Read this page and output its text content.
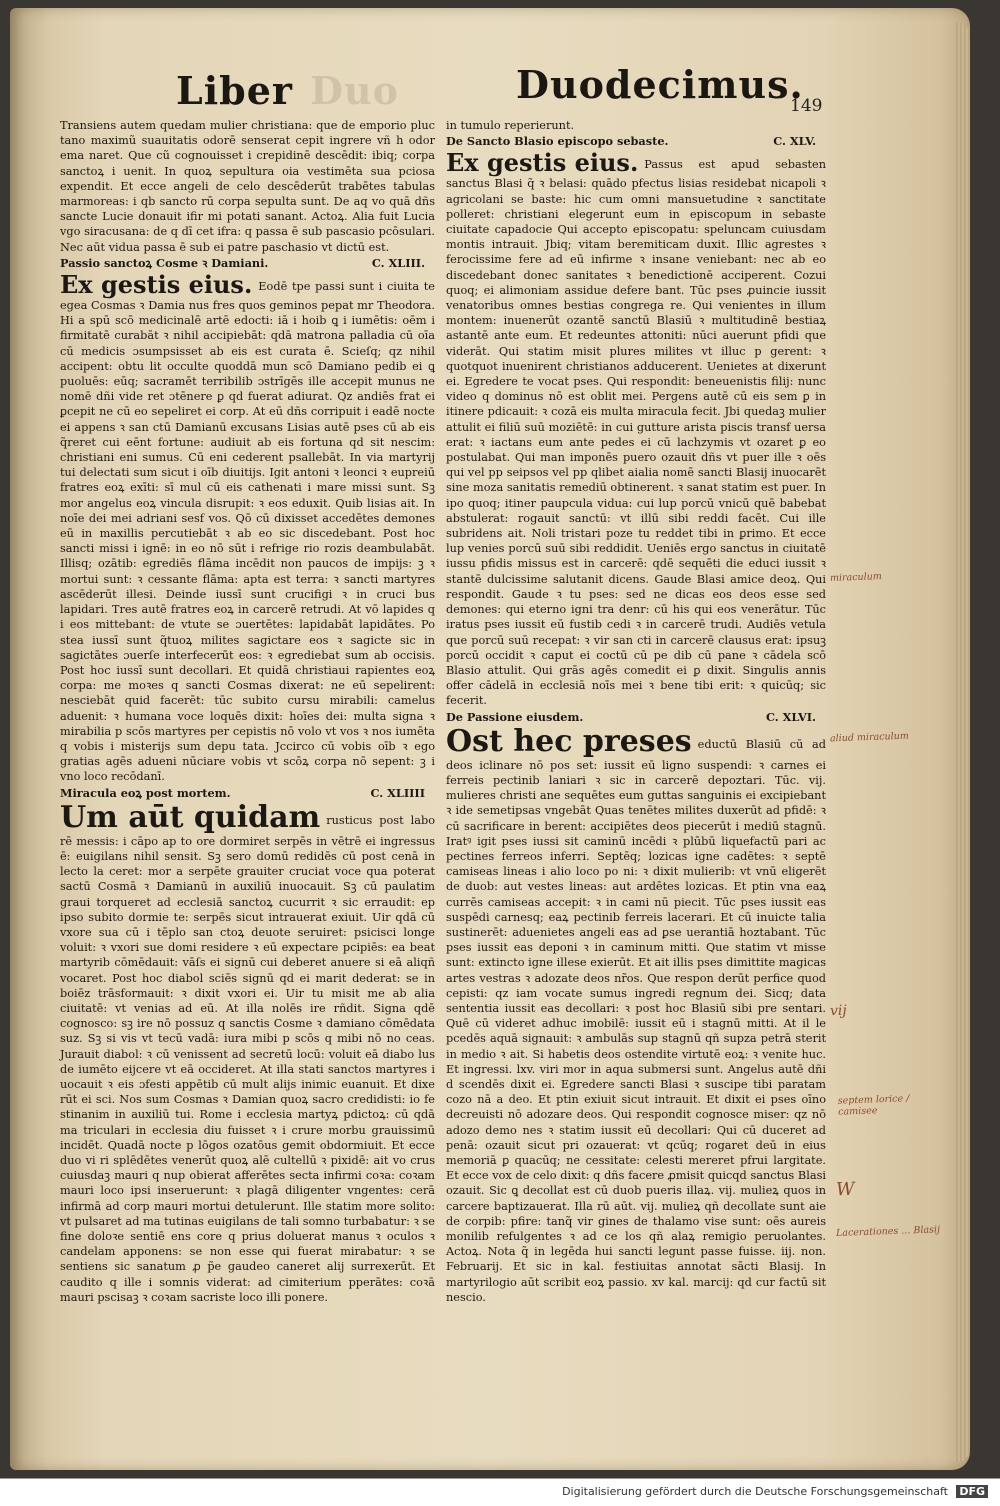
Liber Duo	Duodecimus.
149

Transiens autem quedam mulier christiana: que de emporio pluc tano maximũ suauitatis odorē senserat cepit ingrere vñ h odor ema naret. Que cũ cognouisset i crepidinē descēdit: ibiq; corpa sanctoꝝ i uenit. In quoꝝ sepultura oia vestimēta sua pciosa expendit. Et ecce angeli de celo descēderūt trabētes tabulas marmoreas: i qb sancto rū corpa sepulta sunt. De aq vo quā dñs sancte Lucie donauit ifir mi potati sanant. Actoꝝ. Alia fuit Lucia vgo siracusana: de q dī cet ifra: q passa ē sub pascasio pcōsulari. Nec aūt vidua passa ē sub ei patre paschasio vt dictū est.

Passio sanctoꝝ Cosme ꝛ Damiani.	C. XLIII.

Ex gestis eius. Eodē tpe passi sunt i ciuita te egea Cosmas ꝛ Damia nus fres quos geminos pepat mr Theodora. Hi a spū scō medicinalē artē edocti: iā i hoib ꝗ i iumētis: oēm i firmitatē curabāt ꝛ nihil accipiebāt: qdā matrona palladia cū oīa cū medicis ɔsumpsisset ab eis est curata ē. Scieſq; qz nihil accipent: obtu lit occulte quoddā mun scō Damiano pedib ei ꝗ puoluēs: eūq; sacramēt terribilib ɔstrīgēs ille accepit munus ne nomē dñi vide ret ɔtēnere ꝑ qd fuerat adiurat. Qz andiēs frat ei ꝑcepit ne cū eo sepeliret ei corp. At eū dñs corripuit i eadē nocte ei appens ꝛ san ctū Damianū excusans Lisias autē pses cū ab eis q̃reret cui eēnt fortune: audiuit ab eis fortuna qd sit nescim: christiani eni sumus. Cū eni cederent psallebāt. In via martyrij tui delectati sum sicut i oīb diuitijs. Igit antoni ꝛ leonci ꝛ eupreiū fratres eoꝝ exīti: sī mul cū eis cathenati i mare missi sunt. Sꝫ mor angelus eoꝝ vincula disrupit: ꝛ eos eduxit. Quib lisias ait. In noīe dei mei adriani sesf vos. Qō cū dixisset accedētes demones eū in maxillis percutiebāt ꝛ ab eo sic discedebant. Post hoc sancti missi i ignē: in eo nō sūt i refrige rio rozis deambulabāt. Illisq; ozātib: egrediēs flāma incēdit non paucos de impijs: ꝫ ꝛ mortui sunt: ꝛ cessante flāma: apta est terra: ꝛ sancti martyres ascēderūt illesi. Deinde iussī sunt crucifigi ꝛ in cruci bus lapidari. Tres autē fratres eoꝝ in carcerē retrudi. At vō lapides q i eos mittebant: de vtute se ɔuertētes: lapidabāt lapidātes. Po stea iussī sunt q̃tuoꝝ milites sagictare eos ꝛ sagicte sic in sagictātes ɔuerſe interfecerūt eos: ꝛ egrediebat sum ab occisis. Post hoc iussī sunt decollari. Et quidā christiaui rapientes eoꝝ corpa: me moꝛes q sancti Cosmas dixerat: ne eū sepelirent: nesciebāt quid facerēt: tūc subito cursu mirabili: camelus aduenit: ꝛ humana voce loquēs dixit: hoīes dei: multa signa ꝛ mirabilia p scōs martyres per cepistis nō volo vt vos ꝛ nos iumēta q vobis i misterijs sum depu tata. Jccirco cū vobis oīb ꝛ ego gratias agēs adueni nūciare vobis vt scōꝝ corpa nō sepent: ꝫ i vno loco recōdanī.

Miracula eoꝝ post mortem.	C. XLIIII

Um aūt quidam rusticus post labo rē messis: i cāpo ap to ore dormiret serpēs in vētrē ei ingressus ē: euigilans nihil sensit. Sꝫ sero domū redidēs cū post cenā in lecto la ceret: mor a serpēte grauiter cruciat voce qua poterat sactū Cosmā ꝛ Damianū in auxiliū inuocauit. Sꝫ cū paulatim graui torqueret ad ecclesiā sanctoꝝ cucurrit ꝛ sic erraudit: ep ipso subito dormie te: serpēs sicut intrauerat exiuit. Uir qdā cū vxore sua cū i tēplo san ctoꝝ deuote seruiret: psicisci longe voluit: ꝛ vxori sue domi residere ꝛ eū expectare pcipiēs: ea beat martyrib cōmēdauit: vāſs ei signū cui deberet anuere si eā aliqñ vocaret. Post hoc diabol sciēs signū qd ei marit dederat: se in boiēz trāsformauit: ꝛ dixit vxori ei. Uir tu misit me ab alia ciuitatē: vt venias ad eū. At illa nolēs ire rñdit. Signa qdē cognosco: sꝫ ire nō possuz q sanctis Cosme ꝛ damiano cōmēdata suz. Sꝫ si vis vt tecū vadā: iura mibi p scōs q mibi nō no ceas. Jurauit diabol: ꝛ cū venissent ad secretū locū: voluit eā diabo lus de iumēto eijcere vt eā occideret. At illa stati sanctos martyres i uocauit ꝛ eis ɔfesti appētib cū mult alijs inimic euanuit. Et dixe rūt ei sci. Nos sum Cosmas ꝛ Damian quoꝝ sacro credidisti: io fe stinanim in auxiliū tui. Rome i ecclesia martyꝝ pdictoꝝ: cū qdā ma triculari in ecclesia diu fuisset ꝛ i crure morbu grauissimū incidēt. Quadā nocte p lōgos ozatōus gemit obdormiuit. Et ecce duo vi ri splēdētes venerūt quoꝝ alē cultellū ꝛ pixidē: ait vo crus cuiusdaꝫ mauri q nup obierat afferētes secta infirmi coꝛa: coꝛam mauri loco ipsi inseruerunt: ꝛ plagā diligenter vngentes: cerā infirmā ad corp mauri mortui detulerunt. Ille statim more solito: vt pulsaret ad ma tutinas euigilans de tali somno turbabatur: ꝛ se fine doloꝛe sentiē ens core q prius doluerat manus ꝛ oculos ꝛ candelam apponens: se non esse qui fuerat mirabatur: ꝛ se sentiens sic sanatum ꝓ p̃e gaudeo caneret alij surrexerūt. Et caudito q ille i somnis viderat: ad cimiterium pperātes: coꝛā mauri pscisaꝫ ꝛ coꝛam sacriste loco illi ponere.

in tumulo reperierunt.

De Sancto Blasio episcopo sebaste.	C. XLV.

Ex gestis eius. Passus est apud sebasten sanctus Blasi q̃ ꝛ belasi: quādo pfectus lisias residebat nicapoli ꝛ agricolani se baste: hic cum omni mansuetudine ꝛ sanctitate polleret: christiani elegerunt eum in episcopum in sebaste ciuitate capadocie Qui accepto episcopatu: speluncam cuiusdam montis intrauit. Jbiq; vitam beremiticam duxit. Illic agrestes ꝛ ferocissime fere ad eū infirme ꝛ insane veniebant: nec ab eo discedebant donec sanitates ꝛ benedictionē acciperent. Cozui quoq; ei alimoniam assidue defere bant. Tūc pses ꝓuincie iussit venatoribus omnes bestias congrega re. Qui venientes in illum montem: inuenerūt ozantē sanctū Blasiū ꝛ multitudinē bestiaꝝ astantē ante eum. Et redeuntes attoniti: nūci auerunt pfidi que viderāt. Qui statim misit plures milites vt illuc p gerent: ꝛ quotquot inuenirent christianos adducerent. Uenietes at dixerunt ei. Egredere te vocat pses. Qui respondit: beneuenistis filij: nunc video q dominus nō est oblit mei. Pergens autē cū eis sem ꝑ in itinere pdicauit: ꝛ cozā eis multa miracula fecit. Jbi quedaꝫ mulier attulit ei filiū suū moziētē: in cui gutture arista piscis transf uersa erat: ꝛ iactans eum ante pedes ei cū lachzymis vt ozaret ꝑ eo postulabat. Qui man imponēs puero ozauit dñs vt puer ille ꝛ oēs qui vel pp seipsos vel pp qlibet aialia nomē sancti Blasij inuocarēt sine moza sanitatis remediū obtinerent. ꝛ sanat statim est puer. In ipo quoq; itiner paupcula vidua: cui lup porcū vnicū quē babebat abstulerat: rogauit sanctū: vt illū sibi reddi facēt. Cui ille subridens ait. Noli tristari poze tu reddet tibi in ꝑrimo. Et ecce lup venies porcū suū sibi reddidit. Ueniēs ergo sanctus in ciuitatē iussu pfidis missus est in carcerē: qdē sequēti die educi iussit ꝛ stantē dulcissime salutanit dicens. Gaude Blasi amice deoꝝ. Qui respondit. Gaude ꝛ tu pses: sed ne dicas eos deos esse sed demones: qui eterno igni tra denr: cū his qui eos venerātur. Tūc iratus pses iussit eū fustib cedi ꝛ in carcerē trudi. Audiēs vetula que porcū suū recepat: ꝛ vir san cti in carcerē clausus erat: ipsuꝫ porcū occidit ꝛ caput ei coctū cū pe dib cū pane ꝛ cādela scō Blasio attulit. Qui grās agēs comedit ei ꝑ dixit. Singulis annis offer cādelā in ecclesiā noīs mei ꝛ bene tibi erit: ꝛ quicūq; sic fecerit.

De Passione eiusdem.	C. XLVI.

Ost hec preses eductū Blasiū cū ad deos iclinare nō pos set: iussit eū ligno suspendi: ꝛ carnes ei ferreis pectinib laniari ꝛ sic in carcerē depoztari. Tūc. vij. mulieres christi ane sequētes eum guttas sanguinis ei excipiebant ꝛ ide semetipsas vngebāt Quas tenētes milites duxerūt ad pfidē: ꝛ cū sacrificare in berent: accipiētes deos piecerūt i mediū stagnū. Iratꝰ igit pses iussi sit caminū incēdi ꝛ plūbū liquefactū pari ac pectines ferreos inferri. Septēq; lozicas igne cadētes: ꝛ septē camiseas lineas i alio loco po ni: ꝛ dixit mulierib: vt vnū eligerēt de duob: aut vestes lineas: aut ardētes lozicas. Et ptin vna eaꝝ currēs camiseas accepit: ꝛ in cami nū piecit. Tūc pses iussit eas suspēdi carnesq; eaꝝ pectinib ferreis lacerari. Et cū inuicte talia sustinerēt: aduenietes angeli eas ad ꝑse uerantiā hoztabant. Tūc pses iussit eas deponi ꝛ in caminum mitti. Que statim vt misse sunt: extincto igne illese exierūt. Et ait illis pses dimittite magicas artes vestras ꝛ adozate deos nr̃os. Que respon derūt perfice quod cepisti: qz iam vocate sumus ingredi regnum dei. Sicq; data sententia iussit eas decollari: ꝛ post hoc Blasiū sibi pre sentari. Quē cū videret adhuc imobilē: iussit eū i stagnū mitti. At il le pcedēs aquā signauit: ꝛ ambulās sup stagnū qñ supza petrā sterit in medio ꝛ ait. Si habetis deos ostendite virtutē eoꝝ: ꝛ venite huc. Et ingressi. lxv. viri mor in aqua submersi sunt. Angelus autē dñi d scendēs dixit ei. Egredere sancti Blasi ꝛ suscipe tibi paratam cozo nā a deo. Et ptin exiuit sicut intrauit. Et dixit ei pses oīno decreuisti nō adozare deos. Qui respondit cognosce miser: qz nō adozo demo nes ꝛ statim iussit eū decollari: Qui cū duceret ad penā: ozauit sicut pri ozauerat: vt qcūq; rogaret deū in eius memoriā ꝑ quacūq; ne cessitate: celesti mereret pfrui largitate. Et ecce vox de celo dixit: q dñs facere ꝓmisit quicqd sanctus Blasi ozauit. Sic ꝗ decollat est cū duob pueris illaꝝ. vij. mulieꝝ quos in carcere baptizauerat. Illa rū aūt. vij. mulieꝝ qñ decollate sunt aie de corpib: pfire: tanq̃ vir gines de thalamo vise sunt: oēs aureis monilib refulgentes ꝛ ad ce los qñ alaꝝ remigio peruolantes. Actoꝝ. Nota q̃ in legēda hui sancti legunt passe fuisse. iij. non. Februarij. Et sic in kal. festiuitas annotat sācti Blasij. In martyrilogio aūt scribit eoꝝ passio. xv kal. marcij: qd cur factū sit nescio.

miraculum
aliud miraculum
vij
septem lorice / camisee
W
Lacerationes ... Blasij
Digitalisierung gefördert durch die Deutsche Forschungsgemeinschaft DFG
